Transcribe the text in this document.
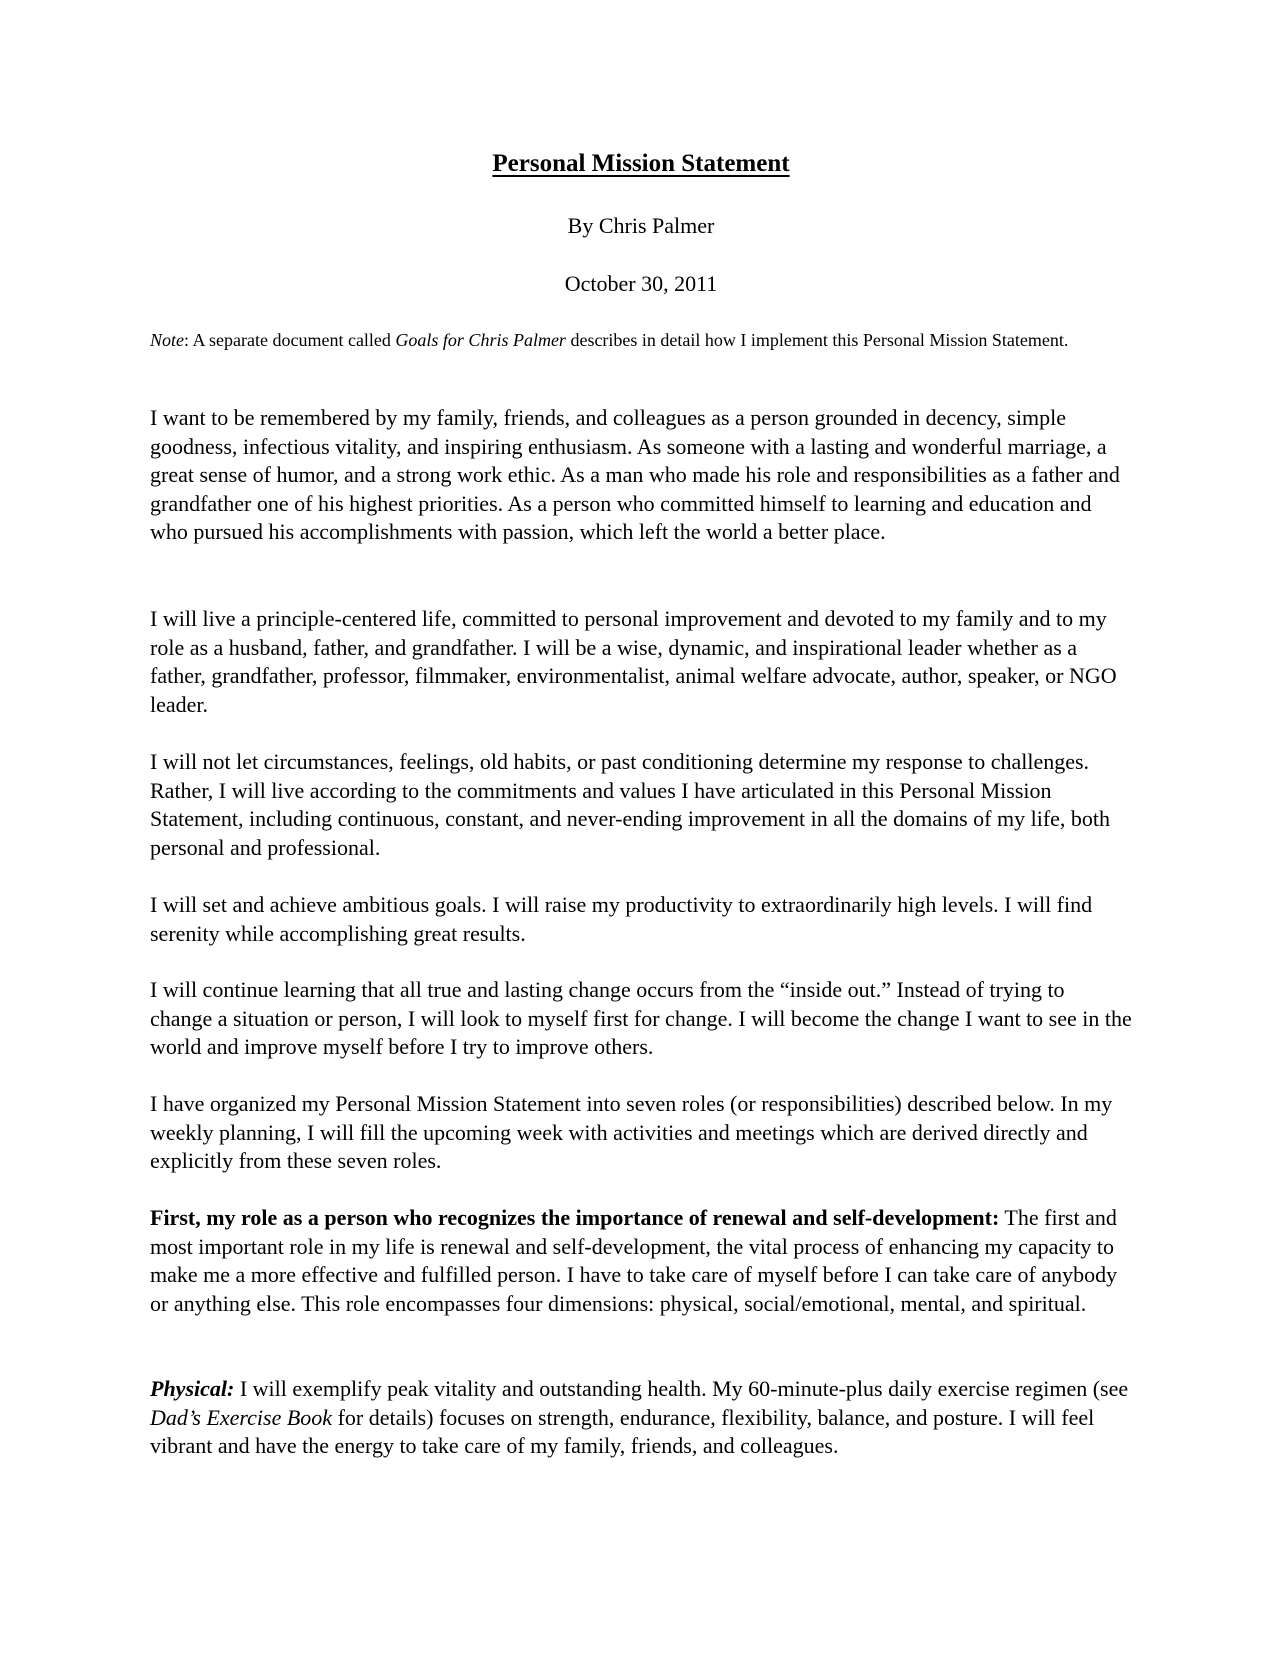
Personal Mission Statement
By Chris Palmer
October 30, 2011
Note: A separate document called Goals for Chris Palmer describes in detail how I implement this Personal Mission Statement.

I want to be remembered by my family, friends, and colleagues as a person grounded in decency, simple goodness, infectious vitality, and inspiring enthusiasm. As someone with a lasting and wonderful marriage, a great sense of humor, and a strong work ethic. As a man who made his role and responsibilities as a father and grandfather one of his highest priorities. As a person who committed himself to learning and education and who pursued his accomplishments with passion, which left the world a better place.

I will live a principle-centered life, committed to personal improvement and devoted to my family and to my role as a husband, father, and grandfather. I will be a wise, dynamic, and inspirational leader whether as a father, grandfather, professor, filmmaker, environmentalist, animal welfare advocate, author, speaker, or NGO leader.

I will not let circumstances, feelings, old habits, or past conditioning determine my response to challenges. Rather, I will live according to the commitments and values I have articulated in this Personal Mission Statement, including continuous, constant, and never-ending improvement in all the domains of my life, both personal and professional.

I will set and achieve ambitious goals. I will raise my productivity to extraordinarily high levels. I will find serenity while accomplishing great results.

I will continue learning that all true and lasting change occurs from the “inside out.” Instead of trying to change a situation or person, I will look to myself first for change. I will become the change I want to see in the world and improve myself before I try to improve others.

I have organized my Personal Mission Statement into seven roles (or responsibilities) described below. In my weekly planning, I will fill the upcoming week with activities and meetings which are derived directly and explicitly from these seven roles.

First, my role as a person who recognizes the importance of renewal and self-development: The first and most important role in my life is renewal and self-development, the vital process of enhancing my capacity to make me a more effective and fulfilled person. I have to take care of myself before I can take care of anybody or anything else. This role encompasses four dimensions: physical, social/emotional, mental, and spiritual.

Physical: I will exemplify peak vitality and outstanding health. My 60-minute-plus daily exercise regimen (see Dad’s Exercise Book for details) focuses on strength, endurance, flexibility, balance, and posture. I will feel vibrant and have the energy to take care of my family, friends, and colleagues.
